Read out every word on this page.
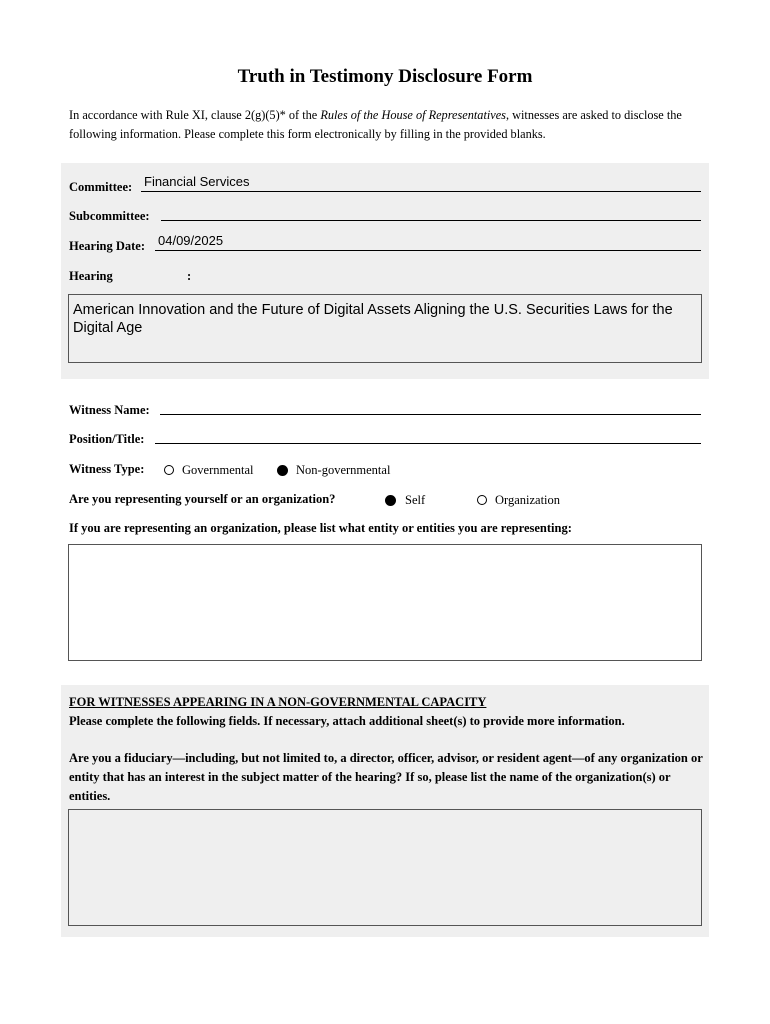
Truth in Testimony Disclosure Form
In accordance with Rule XI, clause 2(g)(5)* of the Rules of the House of Representatives, witnesses are asked to disclose the following information. Please complete this form electronically by filling in the provided blanks.
Committee: Financial Services
Subcommittee:
Hearing Date: 04/09/2025
Hearing	:
American Innovation and the Future of Digital Assets Aligning the U.S. Securities Laws for the Digital Age
Witness Name:
Position/Title:
Witness Type:	Governmental	Non-governmental
Are you representing yourself or an organization?	Self	Organization
If you are representing an organization, please list what entity or entities you are representing:
FOR WITNESSES APPEARING IN A NON-GOVERNMENTAL CAPACITY
Please complete the following fields. If necessary, attach additional sheet(s) to provide more information.
Are you a fiduciary—including, but not limited to, a director, officer, advisor, or resident agent—of any organization or entity that has an interest in the subject matter of the hearing? If so, please list the name of the organization(s) or entities.
